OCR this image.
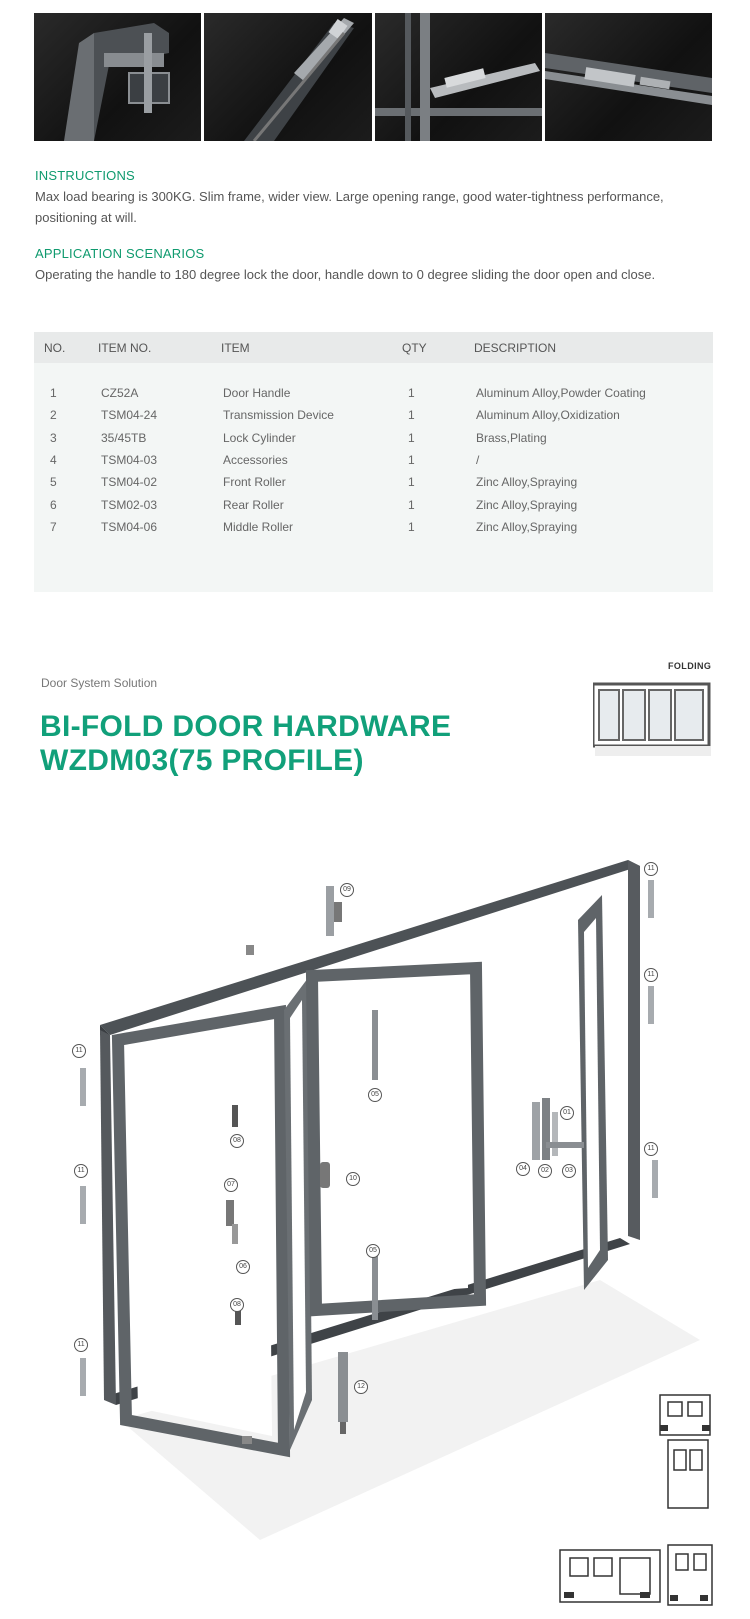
INSTRUCTIONS
Max load bearing is 300KG. Slim frame, wider view. Large opening range, good water-tightness performance, positioning at will.
APPLICATION SCENARIOS
Operating the handle to 180 degree lock the door, handle down to 0 degree sliding the door open and close.
NO.	ITEM NO.	ITEM	QTY	DESCRIPTION
1	CZ52A	Door Handle	1	Aluminum Alloy,Powder Coating
2	TSM04-24	Transmission Device	1	Aluminum Alloy,Oxidization
3	35/45TB	Lock Cylinder	1	Brass,Plating
4	TSM04-03	Accessories	1	/
5	TSM04-02	Front Roller	1	Zinc Alloy,Spraying
6	TSM02-03	Rear Roller	1	Zinc Alloy,Spraying
7	TSM04-06	Middle Roller	1	Zinc Alloy,Spraying
Door System Solution
BI-FOLD DOOR HARDWARE
WZDM03(75 PROFILE)
FOLDING
09
11
11
11
11
11
11
05
05
08
08
07
06
10
01
04	02	03
12
